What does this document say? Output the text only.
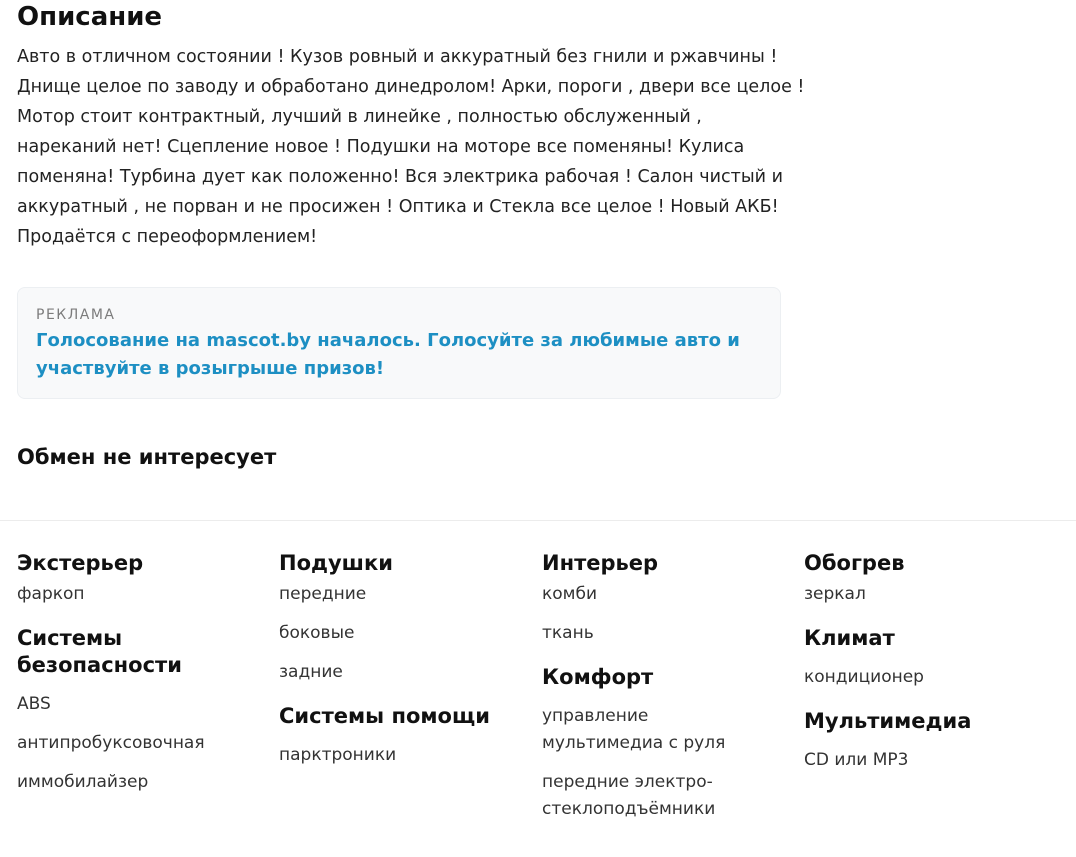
Описание
Авто в отличном состоянии ! Кузов ровный и аккуратный без гнили и ржавчины !
Днище целое по заводу и обработано динедролом! Арки, пороги , двери все целое !
Мотор стоит контрактный, лучший в линейке , полностью обслуженный ,
нареканий нет! Сцепление новое ! Подушки на моторе все поменяны! Кулиса
поменяна! Турбина дует как положенно! Вся электрика рабочая ! Салон чистый и
аккуратный , не порван и не просижен ! Оптика и Стекла все целое ! Новый АКБ!
Продаётся с переоформлением!
РЕКЛАМА
Голосование на mascot.by началось. Голосуйте за любимые авто и
участвуйте в розыгрыше призов!
Обмен не интересует
Экстерьер
фаркоп
Системы
безопасности
ABS
антипробуксовочная
иммобилайзер
Подушки
передние
боковые
задние
Системы помощи
парктроники
Интерьер
комби
ткань
Комфорт
управление
мультимедиа с руля
передние электро-
стеклоподъёмники
Обогрев
зеркал
Климат
кондиционер
Мультимедиа
CD или MP3
